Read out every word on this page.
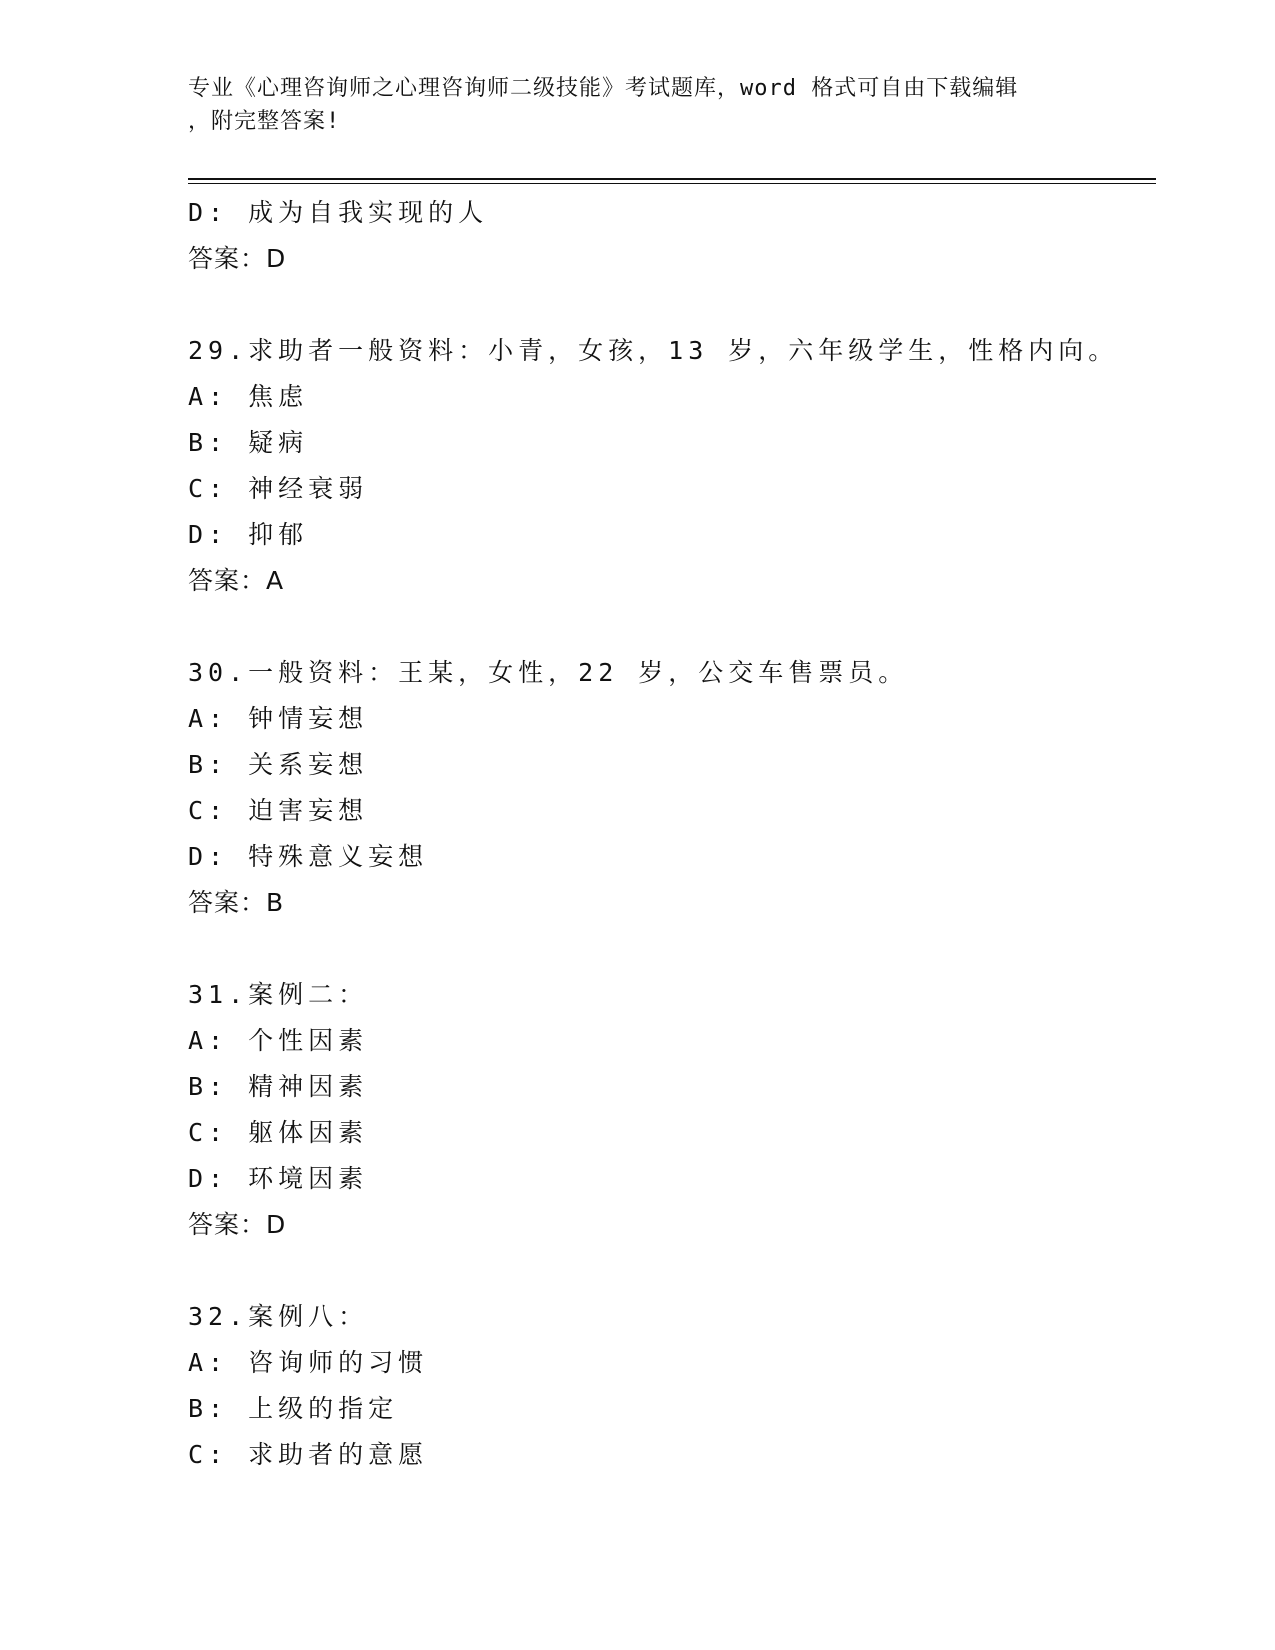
专业《心理咨询师之心理咨询师二级技能》考试题库，word 格式可自由下载编辑
，附完整答案!
D: 成为自我实现的人
答案：D
29.求助者一般资料：小青，女孩，13 岁，六年级学生，性格内向。
A: 焦虑
B: 疑病
C: 神经衰弱
D: 抑郁
答案：A
30.一般资料：王某，女性，22 岁，公交车售票员。
A: 钟情妄想
B: 关系妄想
C: 迫害妄想
D: 特殊意义妄想
答案：B
31.案例二：
A: 个性因素
B: 精神因素
C: 躯体因素
D: 环境因素
答案：D
32.案例八：
A: 咨询师的习惯
B: 上级的指定
C: 求助者的意愿
